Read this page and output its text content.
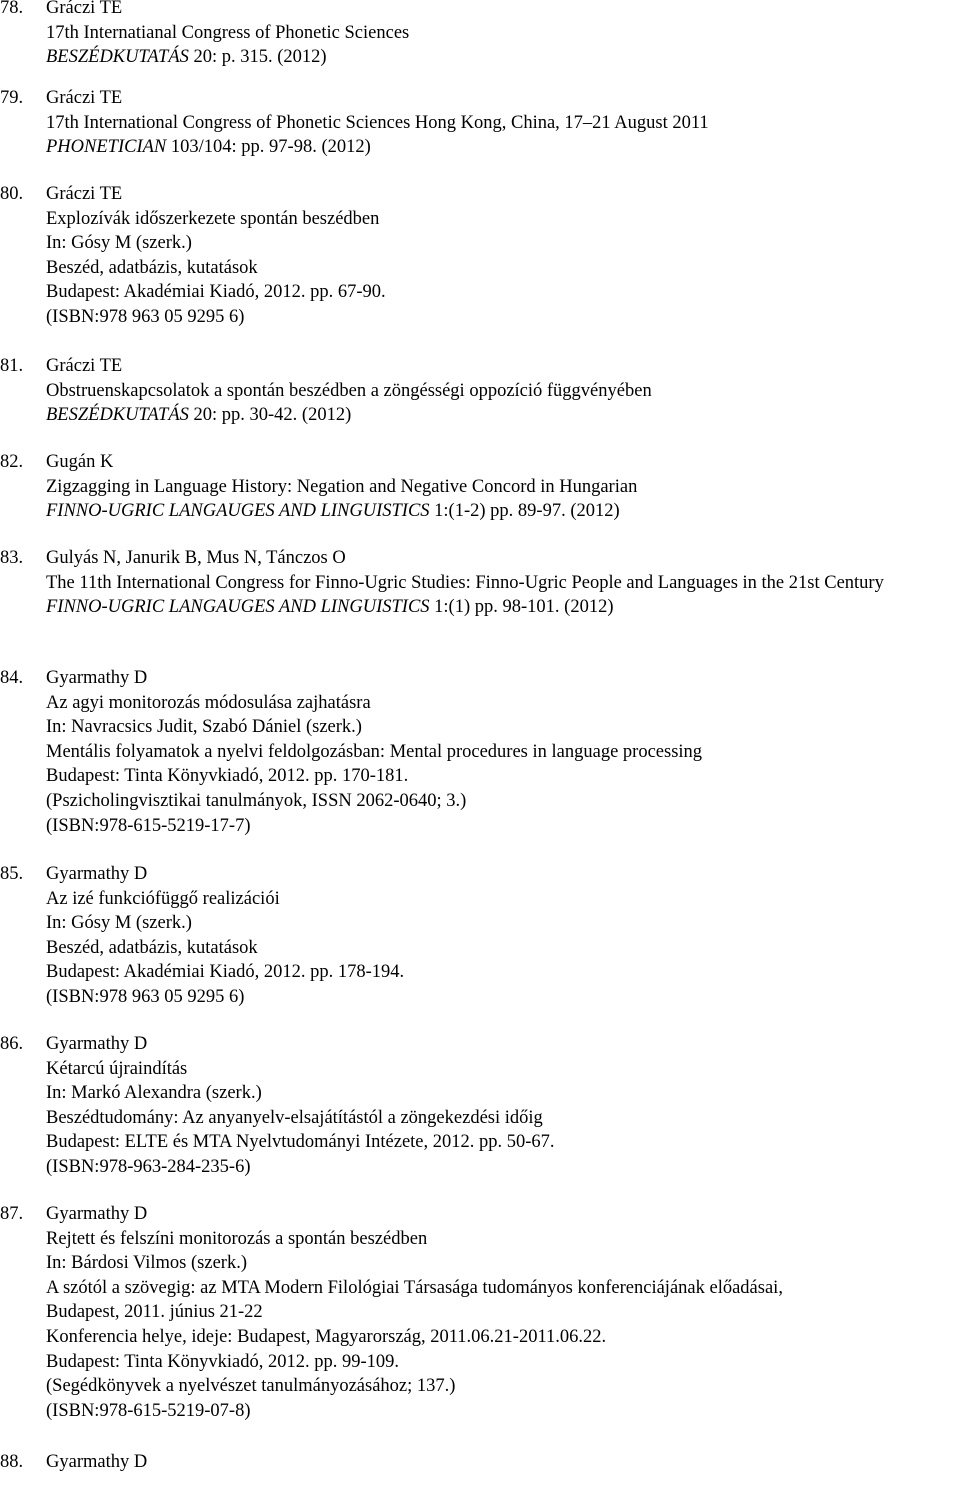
78.	Gráczi TE
17th Internatianal Congress of Phonetic Sciences
BESZÉDKUTATÁS 20: p. 315. (2012)
79.	Gráczi TE
17th International Congress of Phonetic Sciences Hong Kong, China, 17–21 August 2011
PHONETICIAN 103/104: pp. 97-98. (2012)
80.	Gráczi TE
Explozívák időszerkezete spontán beszédben
In: Gósy M (szerk.)
Beszéd, adatbázis, kutatások
Budapest: Akadémiai Kiadó, 2012. pp. 67-90.
(ISBN:978 963 05 9295 6)
81.	Gráczi TE
Obstruenskapcsolatok a spontán beszédben a zöngésségi oppozíció függvényében
BESZÉDKUTATÁS 20: pp. 30-42. (2012)
82.	Gugán K
Zigzagging in Language History: Negation and Negative Concord in Hungarian
FINNO-UGRIC LANGAUGES AND LINGUISTICS 1:(1-2) pp. 89-97. (2012)
83.	Gulyás N, Janurik B, Mus N, Tánczos O
The 11th International Congress for Finno-Ugric Studies: Finno-Ugric People and Languages in the 21st Century
FINNO-UGRIC LANGAUGES AND LINGUISTICS 1:(1) pp. 98-101. (2012)
84.	Gyarmathy D
Az agyi monitorozás módosulása zajhatásra
In: Navracsics Judit, Szabó Dániel (szerk.)
Mentális folyamatok a nyelvi feldolgozásban: Mental procedures in language processing
Budapest: Tinta Könyvkiadó, 2012. pp. 170-181.
(Pszicholingvisztikai tanulmányok, ISSN 2062-0640; 3.)
(ISBN:978-615-5219-17-7)
85.	Gyarmathy D
Az izé funkciófüggő realizációi
In: Gósy M (szerk.)
Beszéd, adatbázis, kutatások
Budapest: Akadémiai Kiadó, 2012. pp. 178-194.
(ISBN:978 963 05 9295 6)
86.	Gyarmathy D
Kétarcú újraindítás
In: Markó Alexandra (szerk.)
Beszédtudomány: Az anyanyelv-elsajátítástól a zöngekezdési időig
Budapest: ELTE és MTA Nyelvtudományi Intézete, 2012. pp. 50-67.
(ISBN:978-963-284-235-6)
87.	Gyarmathy D
Rejtett és felszíni monitorozás a spontán beszédben
In: Bárdosi Vilmos (szerk.)
A szótól a szövegig: az MTA Modern Filológiai Társasága tudományos konferenciájának előadásai,
Budapest, 2011. június 21-22
Konferencia helye, ideje: Budapest, Magyarország, 2011.06.21-2011.06.22.
Budapest: Tinta Könyvkiadó, 2012. pp. 99-109.
(Segédkönyvek a nyelvészet tanulmányozásához; 137.)
(ISBN:978-615-5219-07-8)
88.	Gyarmathy D
